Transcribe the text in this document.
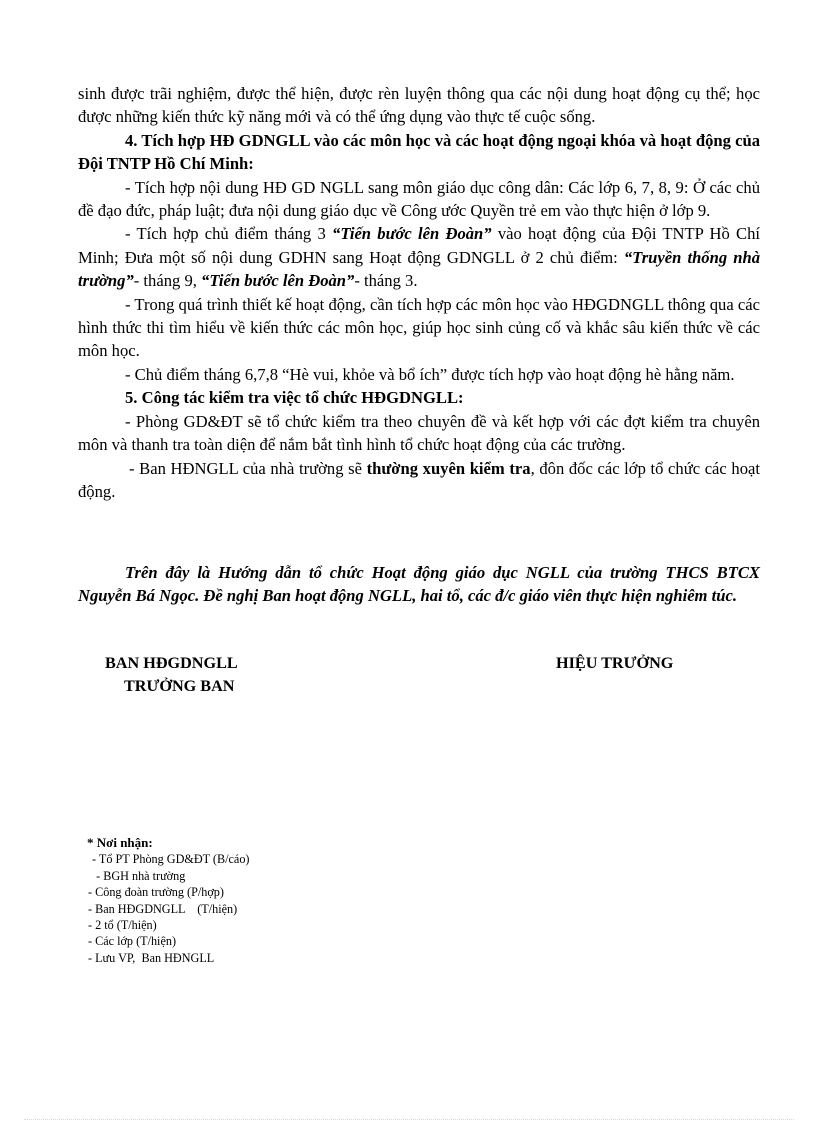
sinh được trãi nghiệm, được thể hiện, được rèn luyện thông qua các nội dung hoạt động cụ thể; học được những kiến thức kỹ năng mới và có thể ứng dụng vào thực tế cuộc sống.

4. Tích hợp HĐ GDNGLL vào các môn học và các hoạt động ngoại khóa và hoạt động của Đội TNTP Hồ Chí Minh:

- Tích hợp nội dung HĐ GD NGLL sang môn giáo dục công dân: Các lớp 6, 7, 8, 9: Ở các chủ đề đạo đức, pháp luật; đưa nội dung giáo dục về Công ước Quyền trẻ em vào thực hiện ở lớp 9.

- Tích hợp chủ điểm tháng 3 “Tiến bước lên Đoàn” vào hoạt động của Đội TNTP Hồ Chí Minh; Đưa một số nội dung GDHN sang Hoạt động GDNGLL ở 2 chủ điểm: “Truyền thống nhà trường”- tháng 9, “Tiến bước lên Đoàn”- tháng 3.

- Trong quá trình thiết kế hoạt động, cần tích hợp các môn học vào HĐGDNGLL thông qua các hình thức thi tìm hiểu về kiến thức các môn học, giúp học sinh củng cố và khắc sâu kiến thức về các môn học.

- Chủ điểm tháng 6,7,8 “Hè vui, khỏe và bổ ích” được tích hợp vào hoạt động hè hằng năm.

5. Công tác kiểm tra việc tổ chức HĐGDNGLL:

- Phòng GD&ĐT sẽ tổ chức kiểm tra theo chuyên đề và kết hợp với các đợt kiểm tra chuyên môn và thanh tra toàn diện để nắm bắt tình hình tổ chức hoạt động của các trường.

- Ban HĐNGLL của nhà trường sẽ thường xuyên kiểm tra, đôn đốc các lớp tổ chức các hoạt động.

Trên đây là Hướng dẫn tổ chức Hoạt động giáo dục NGLL của trường THCS BTCX Nguyễn Bá Ngọc. Đề nghị Ban hoạt động NGLL, hai tổ, các đ/c giáo viên thực hiện nghiêm túc.

BAN HĐGDNGLL
TRƯỞNG BAN
HIỆU TRƯỞNG
* Nơi nhận:
- Tổ PT Phòng GD&ĐT (B/cáo)
- BGH nhà trường
- Công đoàn trường (P/hợp)
- Ban HĐGDNGLL    (T/hiện)
- 2 tổ (T/hiện)
- Các lớp (T/hiện)
- Lưu VP,  Ban HĐNGLL
